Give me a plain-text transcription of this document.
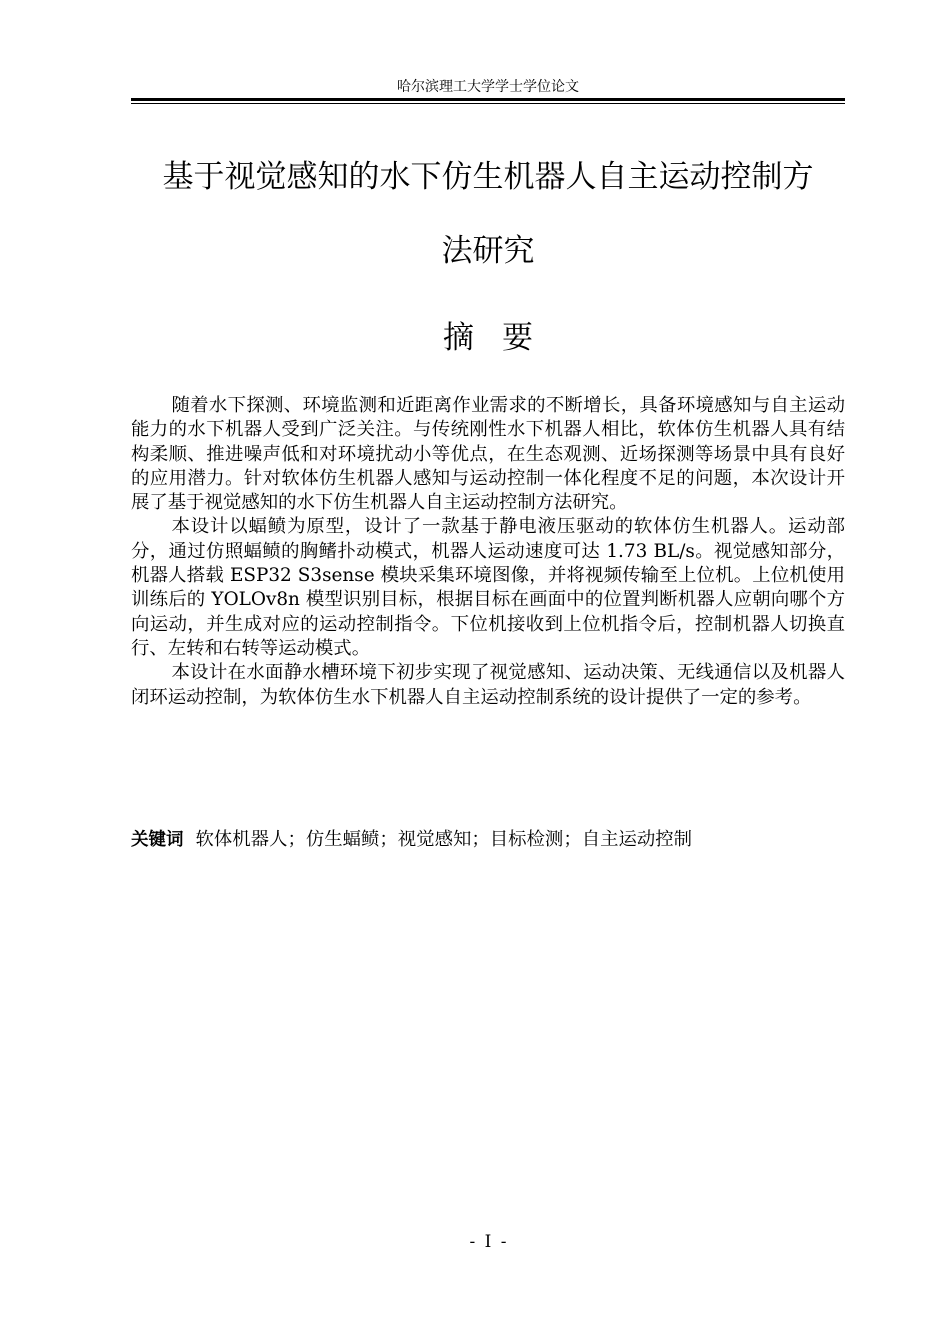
哈尔滨理工大学学士学位论文
基于视觉感知的水下仿生机器人自主运动控制方
法研究
摘要

随着水下探测、环境监测和近距离作业需求的不断增长，具备环境感知与自主运动能力的水下机器人受到广泛关注。与传统刚性水下机器人相比，软体仿生机器人具有结构柔顺、推进噪声低和对环境扰动小等优点，在生态观测、近场探测等场景中具有良好的应用潜力。针对软体仿生机器人感知与运动控制一体化程度不足的问题，本次设计开展了基于视觉感知的水下仿生机器人自主运动控制方法研究。

本设计以蝠鲼为原型，设计了一款基于静电液压驱动的软体仿生机器人。运动部分，通过仿照蝠鲼的胸鳍扑动模式，机器人运动速度可达 1.73 BL/s。视觉感知部分，机器人搭载 ESP32 S3sense 模块采集环境图像，并将视频传输至上位机。上位机使用训练后的 YOLOv8n 模型识别目标，根据目标在画面中的位置判断机器人应朝向哪个方向运动，并生成对应的运动控制指令。下位机接收到上位机指令后，控制机器人切换直行、左转和右转等运动模式。

本设计在水面静水槽环境下初步实现了视觉感知、运动决策、无线通信以及机器人闭环运动控制，为软体仿生水下机器人自主运动控制系统的设计提供了一定的参考。

关键词 软体机器人；仿生蝠鲼；视觉感知；目标检测；自主运动控制
- I -
